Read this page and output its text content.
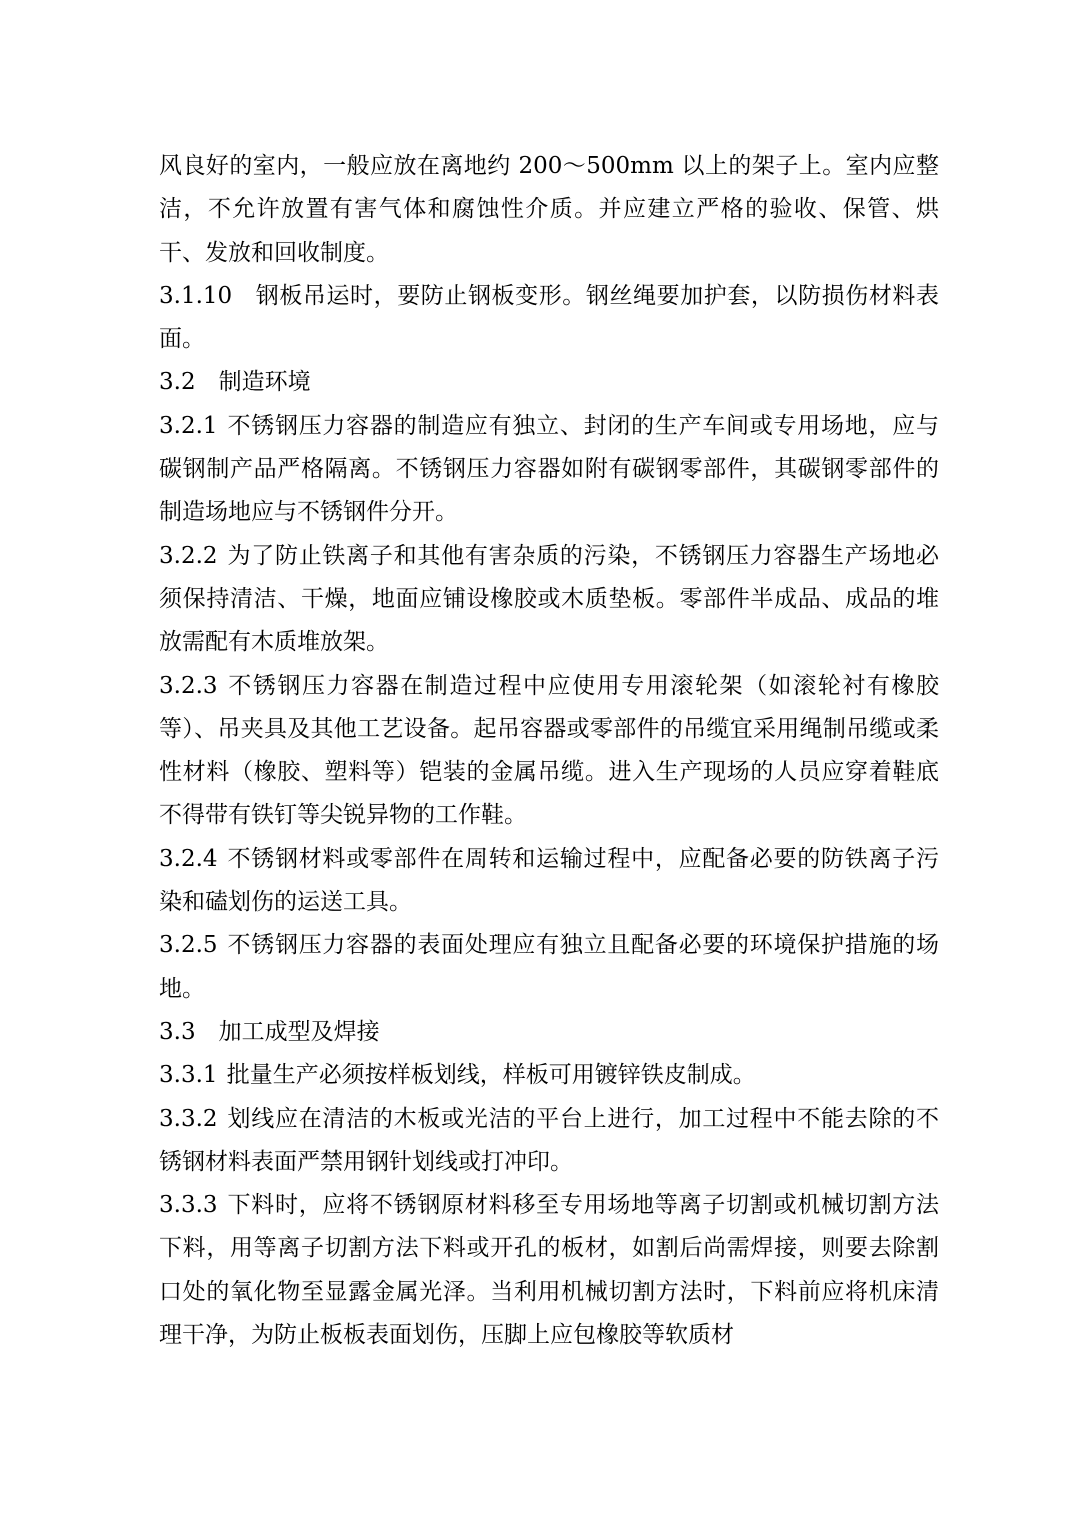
风良好的室内，一般应放在离地约 200～500mm 以上的架子上。室内应整洁，不允许放置有害气体和腐蚀性介质。并应建立严格的验收、保管、烘干、发放和回收制度。

3.1.10 钢板吊运时，要防止钢板变形。钢丝绳要加护套，以防损伤材料表面。

3.2 制造环境

3.2.1 不锈钢压力容器的制造应有独立、封闭的生产车间或专用场地，应与碳钢制产品严格隔离。不锈钢压力容器如附有碳钢零部件，其碳钢零部件的制造场地应与不锈钢件分开。

3.2.2 为了防止铁离子和其他有害杂质的污染，不锈钢压力容器生产场地必须保持清洁、干燥，地面应铺设橡胶或木质垫板。零部件半成品、成品的堆放需配有木质堆放架。

3.2.3 不锈钢压力容器在制造过程中应使用专用滚轮架（如滚轮衬有橡胶等）、吊夹具及其他工艺设备。起吊容器或零部件的吊缆宜采用绳制吊缆或柔性材料（橡胶、塑料等）铠装的金属吊缆。进入生产现场的人员应穿着鞋底不得带有铁钉等尖锐异物的工作鞋。

3.2.4 不锈钢材料或零部件在周转和运输过程中，应配备必要的防铁离子污染和磕划伤的运送工具。

3.2.5 不锈钢压力容器的表面处理应有独立且配备必要的环境保护措施的场地。

3.3 加工成型及焊接

3.3.1 批量生产必须按样板划线，样板可用镀锌铁皮制成。

3.3.2 划线应在清洁的木板或光洁的平台上进行，加工过程中不能去除的不锈钢材料表面严禁用钢针划线或打冲印。

3.3.3 下料时，应将不锈钢原材料移至专用场地等离子切割或机械切割方法下料，用等离子切割方法下料或开孔的板材，如割后尚需焊接，则要去除割口处的氧化物至显露金属光泽。当利用机械切割方法时，下料前应将机床清理干净，为防止板板表面划伤，压脚上应包橡胶等软质材
